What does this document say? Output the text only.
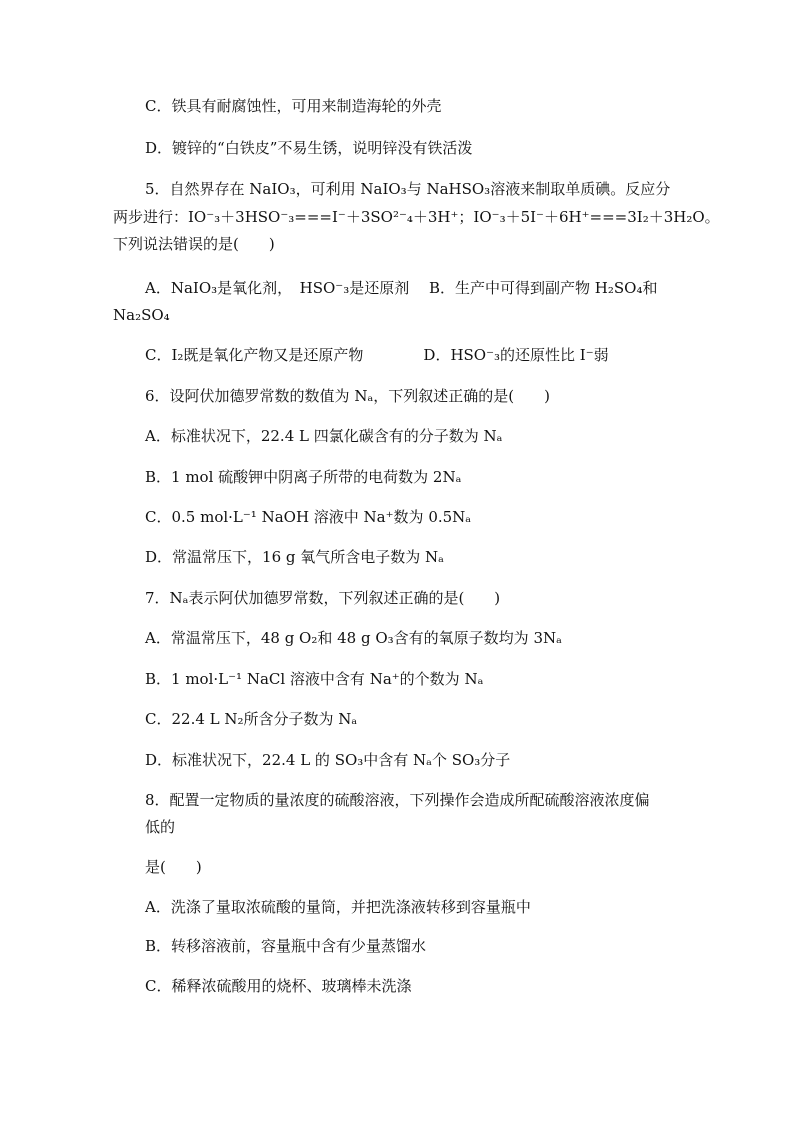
C．铁具有耐腐蚀性，可用来制造海轮的外壳
D．镀锌的“白铁皮”不易生锈，说明锌没有铁活泼
5．自然界存在 NaIO₃，可利用 NaIO₃与 NaHSO₃溶液来制取单质碘。反应分
两步进行：IO⁻₃＋3HSO⁻₃===I⁻＋3SO²⁻₄＋3H⁺；IO⁻₃＋5I⁻＋6H⁺===3I₂＋3H₂O。
下列说法错误的是(　　)
A．NaIO₃是氧化剂，　HSO⁻₃是还原剂　 B．生产中可得到副产物 H₂SO₄和
Na₂SO₄
C．I₂既是氧化产物又是还原产物　　　　D．HSO⁻₃的还原性比 I⁻弱
6．设阿伏加德罗常数的数值为 Nₐ，下列叙述正确的是(　　)
A．标准状况下，22.4 L 四氯化碳含有的分子数为 Nₐ
B．1 mol 硫酸钾中阴离子所带的电荷数为 2Nₐ
C．0.5 mol·L⁻¹ NaOH 溶液中 Na⁺数为 0.5Nₐ
D．常温常压下，16 g 氧气所含电子数为 Nₐ
7．Nₐ表示阿伏加德罗常数，下列叙述正确的是(　　)
A．常温常压下，48 g O₂和 48 g O₃含有的氧原子数均为 3Nₐ
B．1 mol·L⁻¹ NaCl 溶液中含有 Na⁺的个数为 Nₐ
C．22.4 L N₂所含分子数为 Nₐ
D．标准状况下，22.4 L 的 SO₃中含有 Nₐ个 SO₃分子
8．配置一定物质的量浓度的硫酸溶液，下列操作会造成所配硫酸溶液浓度偏
低的
是(　　)
A．洗涤了量取浓硫酸的量筒，并把洗涤液转移到容量瓶中
B．转移溶液前，容量瓶中含有少量蒸馏水
C．稀释浓硫酸用的烧杯、玻璃棒未洗涤
